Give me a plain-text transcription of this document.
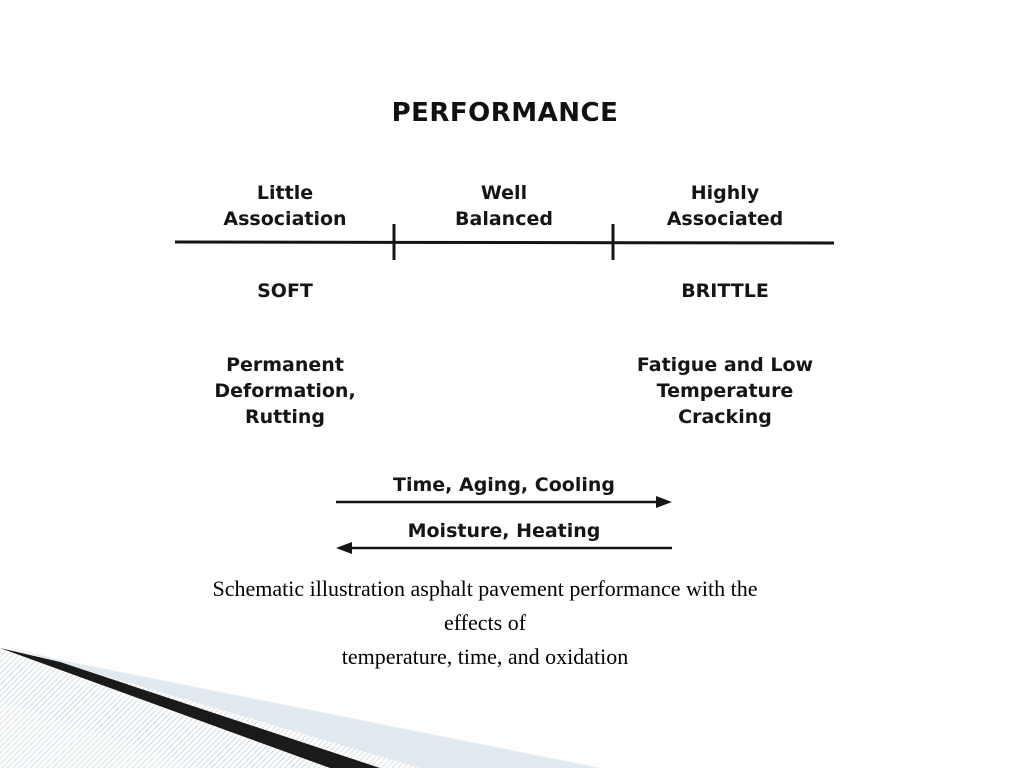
PERFORMANCE
Little
Association
Well
Balanced
Highly
Associated
SOFT	BRITTLE
Permanent
Deformation,
Rutting
Fatigue and Low
Temperature
Cracking
Time, Aging, Cooling
Moisture, Heating
Schematic illustration asphalt pavement performance with the
effects of
temperature, time, and oxidation
